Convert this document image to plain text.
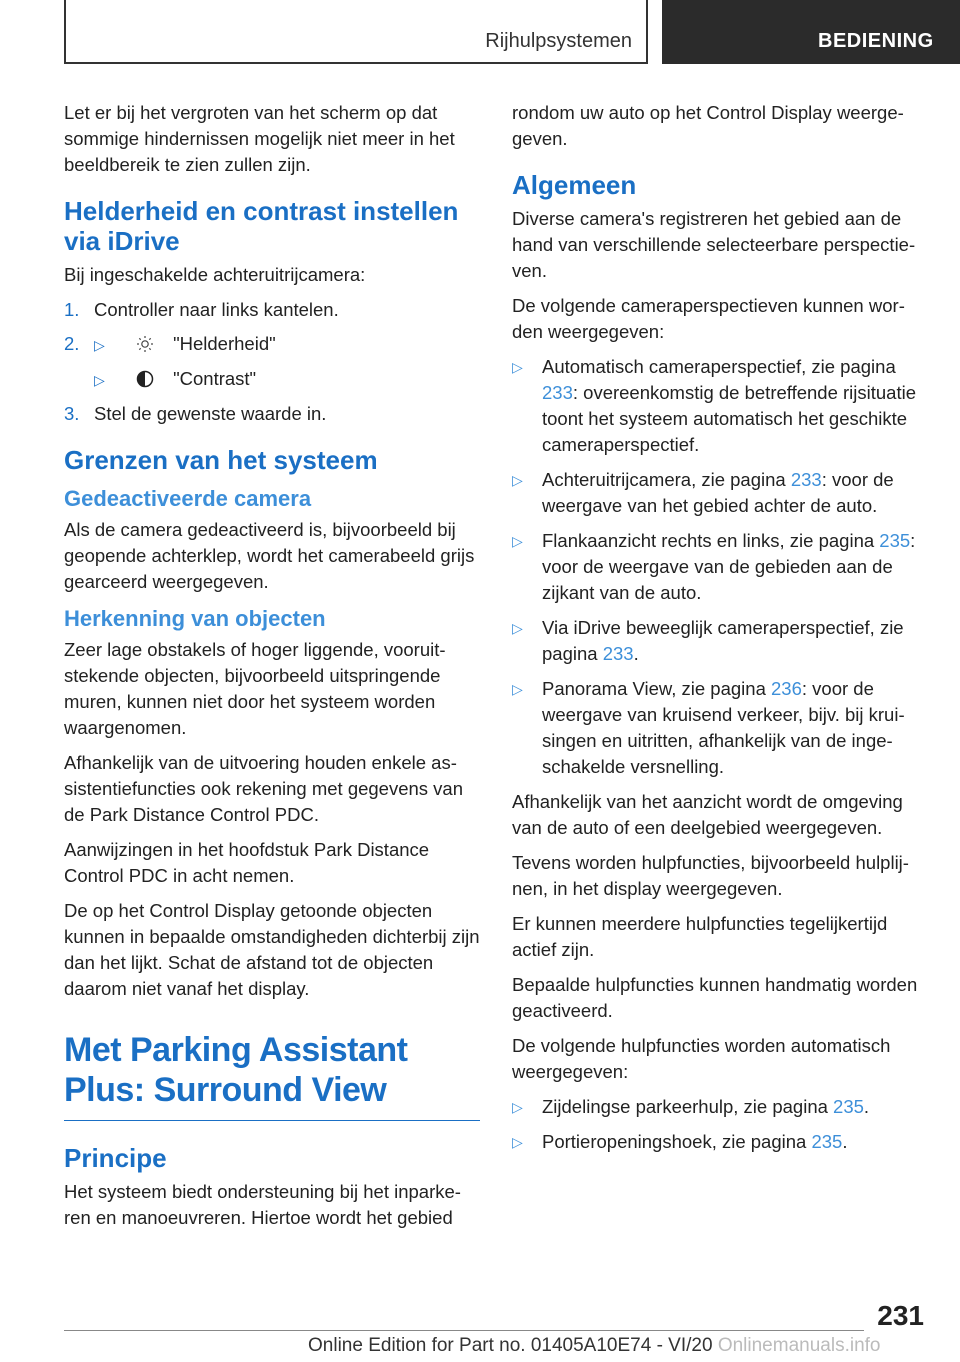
Rijhulpsystemen	BEDIENING

Let er bij het vergroten van het scherm op dat sommige hindernissen mogelijk niet meer in het beeldbereik te zien zullen zijn.

Helderheid en contrast instellen via iDrive

Bij ingeschakelde achteruitrijcamera:

1. Controller naar links kantelen.
2. ▷	"Helderheid"
▷	"Contrast"
3. Stel de gewenste waarde in.
Grenzen van het systeem
Gedeactiveerde camera

Als de camera gedeactiveerd is, bijvoorbeeld bij geopende achterklep, wordt het camerabeeld grijs gearceerd weergegeven.

Herkenning van objecten

Zeer lage obstakels of hoger liggende, vooruitstekende objecten, bijvoorbeeld uitspringende muren, kunnen niet door het systeem worden waargenomen.

Afhankelijk van de uitvoering houden enkele assistentiefuncties ook rekening met gegevens van de Park Distance Control PDC.

Aanwijzingen in het hoofdstuk Park Distance Control PDC in acht nemen.

De op het Control Display getoonde objecten kunnen in bepaalde omstandigheden dichterbij zijn dan het lijkt. Schat de afstand tot de objecten daarom niet vanaf het display.

Met Parking Assistant Plus: Surround View
Principe

Het systeem biedt ondersteuning bij het inparkeren en manoeuvreren. Hiertoe wordt het gebied

rondom uw auto op het Control Display weergegeven.

Algemeen

Diverse camera's registreren het gebied aan de hand van verschillende selecteerbare perspectieven.

De volgende cameraperspectieven kunnen worden weergegeven:

▷ Automatisch cameraperspectief, zie pagina 233: overeenkomstig de betreffende rijsituatie toont het systeem automatisch het geschikte cameraperspectief.
▷ Achteruitrijcamera, zie pagina 233: voor de weergave van het gebied achter de auto.
▷ Flankaanzicht rechts en links, zie pagina 235: voor de weergave van de gebieden aan de zijkant van de auto.
▷ Via iDrive beweeglijk cameraperspectief, zie pagina 233.
▷ Panorama View, zie pagina 236: voor de weergave van kruisend verkeer, bijv. bij kruisingen en uitritten, afhankelijk van de ingeschakelde versnelling.

Afhankelijk van het aanzicht wordt de omgeving van de auto of een deelgebied weergegeven.

Tevens worden hulpfuncties, bijvoorbeeld hulplijnen, in het display weergegeven.

Er kunnen meerdere hulpfuncties tegelijkertijd actief zijn.

Bepaalde hulpfuncties kunnen handmatig worden geactiveerd.

De volgende hulpfuncties worden automatisch weergegeven:

▷ Zijdelingse parkeerhulp, zie pagina 235.
▷ Portieropeningshoek, zie pagina 235.
231
Online Edition for Part no. 01405A10E74 - VI/20 Onlinemanuals.info
